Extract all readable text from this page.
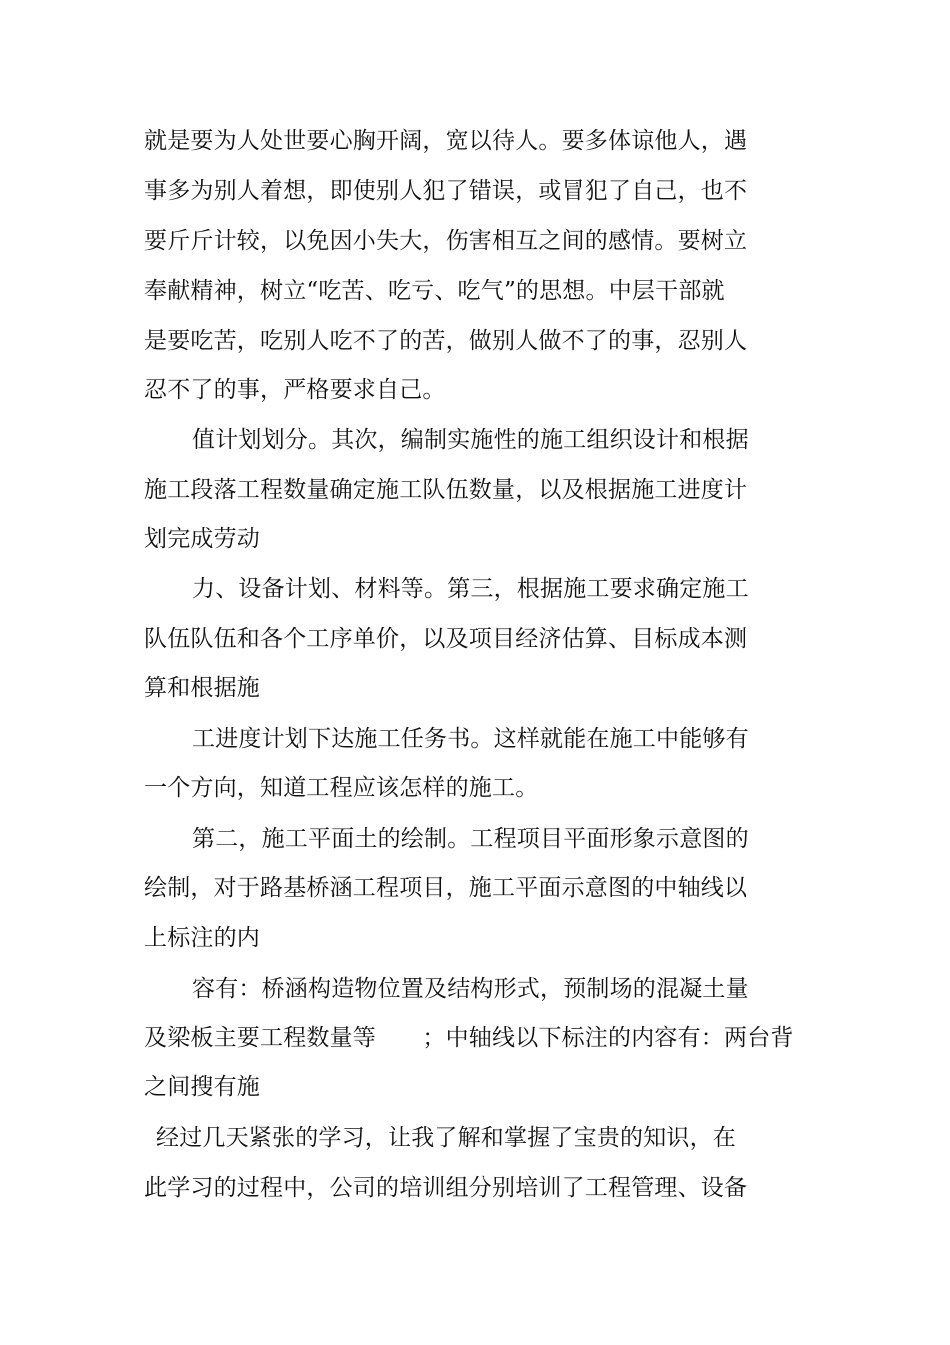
就是要为人处世要心胸开阔，宽以待人。要多体谅他人，遇
事多为别人着想，即使别人犯了错误，或冒犯了自己，也不
要斤斤计较，以免因小失大，伤害相互之间的感情。要树立
奉献精神，树立“吃苦、吃亏、吃气”的思想。中层干部就
是要吃苦，吃别人吃不了的苦，做别人做不了的事，忍别人
忍不了的事，严格要求自己。
值计划划分。其次，编制实施性的施工组织设计和根据
施工段落工程数量确定施工队伍数量，以及根据施工进度计
划完成劳动
力、设备计划、材料等。第三，根据施工要求确定施工
队伍队伍和各个工序单价，以及项目经济估算、目标成本测
算和根据施
工进度计划下达施工任务书。这样就能在施工中能够有
一个方向，知道工程应该怎样的施工。
第二，施工平面土的绘制。工程项目平面形象示意图的
绘制，对于路基桥涵工程项目，施工平面示意图的中轴线以
上标注的内
容有：桥涵构造物位置及结构形式，预制场的混凝土量
及梁板主要工程数量等　　；中轴线以下标注的内容有：两台背
之间搜有施
经过几天紧张的学习，让我了解和掌握了宝贵的知识，在
此学习的过程中，公司的培训组分别培训了工程管理、设备
